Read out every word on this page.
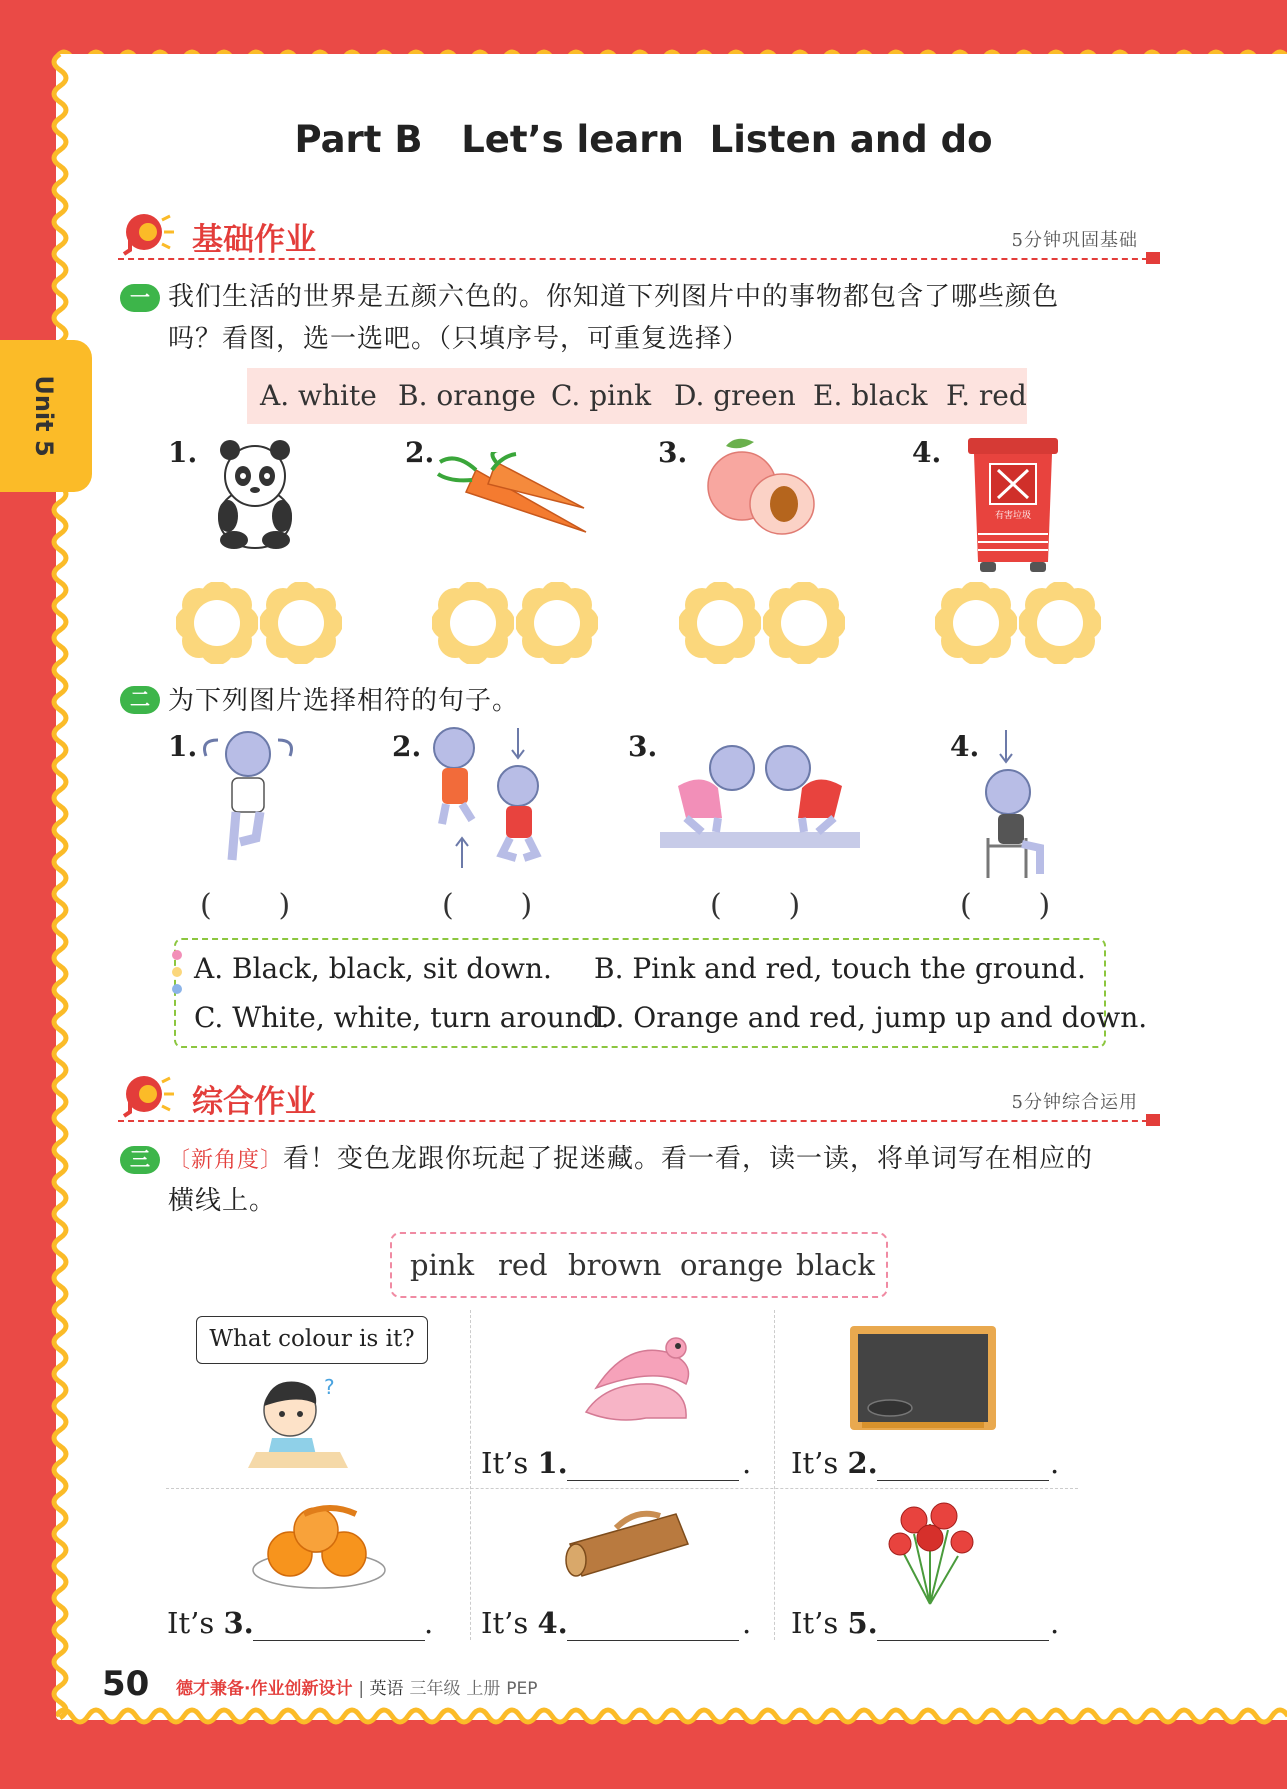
Unit 5
Part B   Let’s learn  Listen and do
基础作业	5分钟巩固基础
一 我们生活的世界是五颜六色的。你知道下列图片中的事物都包含了哪些颜色
吗？看图，选一选吧。（只填序号，可重复选择）
A. white B. orange C. pink D. green E. black F. red
1.	2.	3.	4.
有害垃圾
二 为下列图片选择相符的句子。
1.	2.	3.	4.
(       )	(       )	(       )	(       )
A. Black, black, sit down. B. Pink and red, touch the ground.
C. White, white, turn around.
D. Orange and red, jump up and down.
综合作业	5分钟综合运用
三 〔新角度〕看！变色龙跟你玩起了捉迷藏。看一看，读一读，将单词写在相应的
横线上。
pink red brown orange black
What colour is it?
?
It’s 1.	. It’s 2.	.
It’s 3.	. It’s 4.	. It’s 5.	.
50 德才兼备·作业创新设计 | 英语 三年级 上册 PEP
